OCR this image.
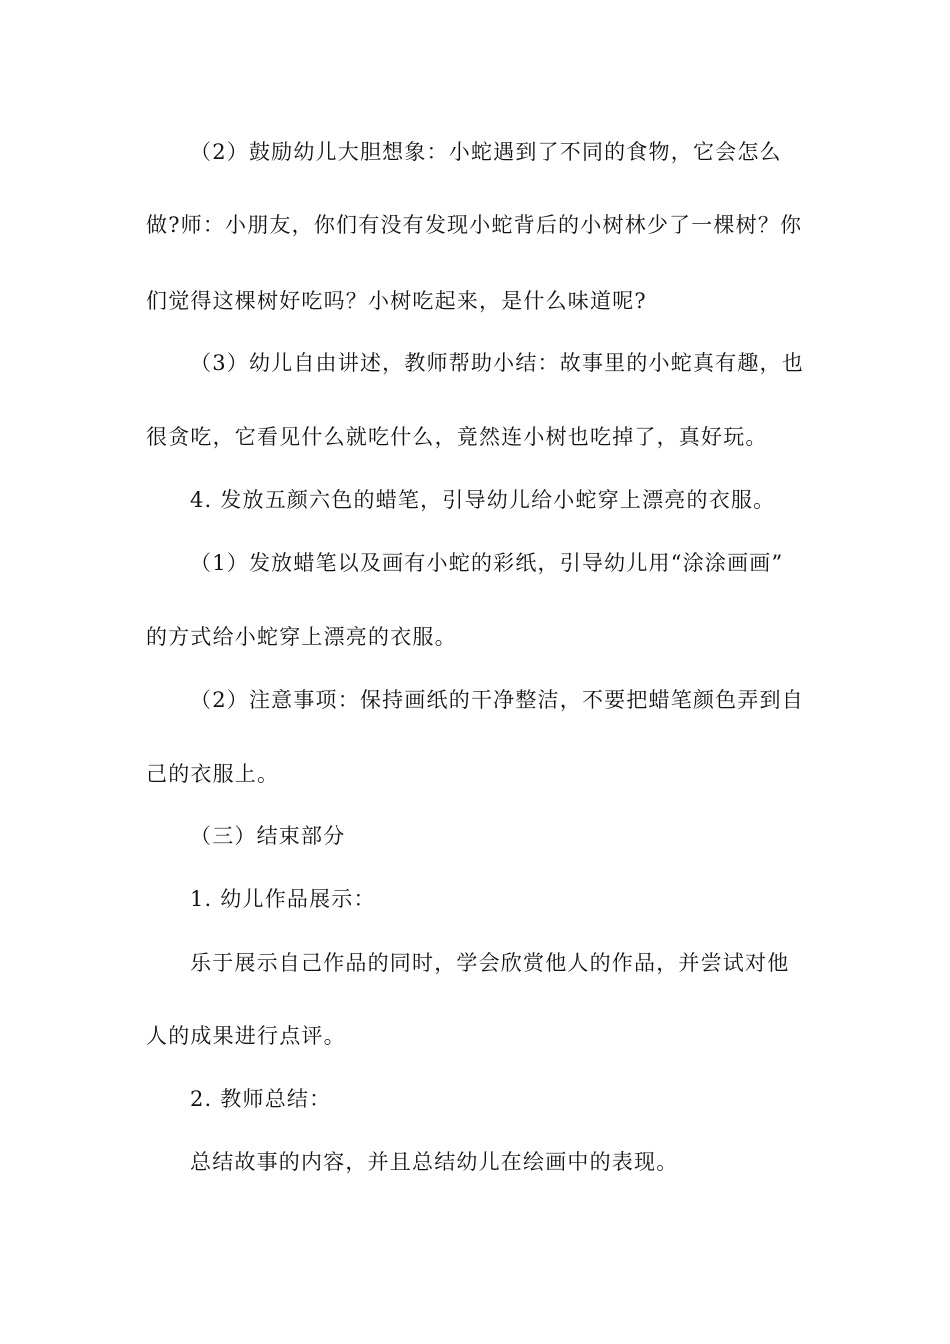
（2）鼓励幼儿大胆想象：小蛇遇到了不同的食物，它会怎么
做?师：小朋友，你们有没有发现小蛇背后的小树林少了一棵树？你
们觉得这棵树好吃吗？小树吃起来，是什么味道呢?
（3）幼儿自由讲述，教师帮助小结：故事里的小蛇真有趣，也
很贪吃，它看见什么就吃什么，竟然连小树也吃掉了，真好玩。
4. 发放五颜六色的蜡笔，引导幼儿给小蛇穿上漂亮的衣服。
（1）发放蜡笔以及画有小蛇的彩纸，引导幼儿用“涂涂画画”
的方式给小蛇穿上漂亮的衣服。
（2）注意事项：保持画纸的干净整洁，不要把蜡笔颜色弄到自
己的衣服上。
（三）结束部分
1. 幼儿作品展示：
乐于展示自己作品的同时，学会欣赏他人的作品，并尝试对他
人的成果进行点评。
2. 教师总结：
总结故事的内容，并且总结幼儿在绘画中的表现。
